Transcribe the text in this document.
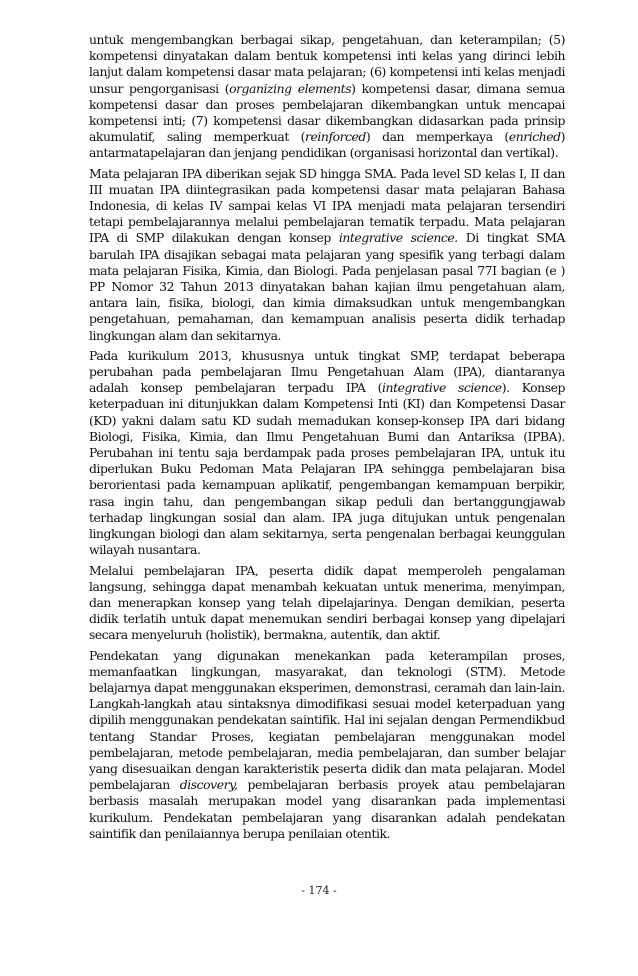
untuk mengembangkan berbagai sikap, pengetahuan, dan keterampilan; (5) kompetensi dinyatakan dalam bentuk kompetensi inti kelas yang dirinci lebih lanjut dalam kompetensi dasar mata pelajaran; (6) kompetensi inti kelas menjadi unsur pengorganisasi (organizing elements) kompetensi dasar, dimana semua kompetensi dasar dan proses pembelajaran dikembangkan untuk mencapai kompetensi inti; (7) kompetensi dasar dikembangkan didasarkan pada prinsip akumulatif, saling memperkuat (reinforced) dan memperkaya (enriched) antarmatapelajaran dan jenjang pendidikan (organisasi horizontal dan vertikal).

Mata pelajaran IPA diberikan sejak SD hingga SMA. Pada level SD kelas I, II dan III muatan IPA diintegrasikan pada kompetensi dasar mata pelajaran Bahasa Indonesia, di kelas IV sampai kelas VI IPA menjadi mata pelajaran tersendiri tetapi pembelajarannya melalui pembelajaran tematik terpadu. Mata pelajaran IPA di SMP dilakukan dengan konsep integrative science. Di tingkat SMA barulah IPA disajikan sebagai mata pelajaran yang spesifik yang terbagi dalam mata pelajaran Fisika, Kimia, dan Biologi. Pada penjelasan pasal 77I bagian (e ) PP Nomor 32 Tahun 2013 dinyatakan bahan kajian ilmu pengetahuan alam, antara lain, fisika, biologi, dan kimia dimaksudkan untuk mengembangkan pengetahuan, pemahaman, dan kemampuan analisis peserta didik terhadap lingkungan alam dan sekitarnya.

Pada kurikulum 2013, khususnya untuk tingkat SMP, terdapat beberapa perubahan pada pembelajaran Ilmu Pengetahuan Alam (IPA), diantaranya adalah konsep pembelajaran terpadu IPA (integrative science). Konsep keterpaduan ini ditunjukkan dalam Kompetensi Inti (KI) dan Kompetensi Dasar (KD) yakni dalam satu KD sudah memadukan konsep-konsep IPA dari bidang Biologi, Fisika, Kimia, dan Ilmu Pengetahuan Bumi dan Antariksa (IPBA). Perubahan ini tentu saja berdampak pada proses pembelajaran IPA, untuk itu diperlukan Buku Pedoman Mata Pelajaran IPA sehingga pembelajaran bisa berorientasi pada kemampuan aplikatif, pengembangan kemampuan berpikir, rasa ingin tahu, dan pengembangan sikap peduli dan bertanggungjawab terhadap lingkungan sosial dan alam. IPA juga ditujukan untuk pengenalan lingkungan biologi dan alam sekitarnya, serta pengenalan berbagai keunggulan wilayah nusantara.

Melalui pembelajaran IPA, peserta didik dapat memperoleh pengalaman langsung, sehingga dapat menambah kekuatan untuk menerima, menyimpan, dan menerapkan konsep yang telah dipelajarinya. Dengan demikian, peserta didik terlatih untuk dapat menemukan sendiri berbagai konsep yang dipelajari secara menyeluruh (holistik), bermakna, autentik, dan aktif.

Pendekatan yang digunakan menekankan pada keterampilan proses, memanfaatkan lingkungan, masyarakat, dan teknologi (STM). Metode belajarnya dapat menggunakan eksperimen, demonstrasi, ceramah dan lain-lain. Langkah-langkah atau sintaksnya dimodifikasi sesuai model keterpaduan yang dipilih menggunakan pendekatan saintifik. Hal ini sejalan dengan Permendikbud tentang Standar Proses, kegiatan pembelajaran menggunakan model pembelajaran, metode pembelajaran, media pembelajaran, dan sumber belajar yang disesuaikan dengan karakteristik peserta didik dan mata pelajaran. Model pembelajaran discovery, pembelajaran berbasis proyek atau pembelajaran berbasis masalah merupakan model yang disarankan pada implementasi kurikulum. Pendekatan pembelajaran yang disarankan adalah pendekatan saintifik dan penilaiannya berupa penilaian otentik.

- 174 -
